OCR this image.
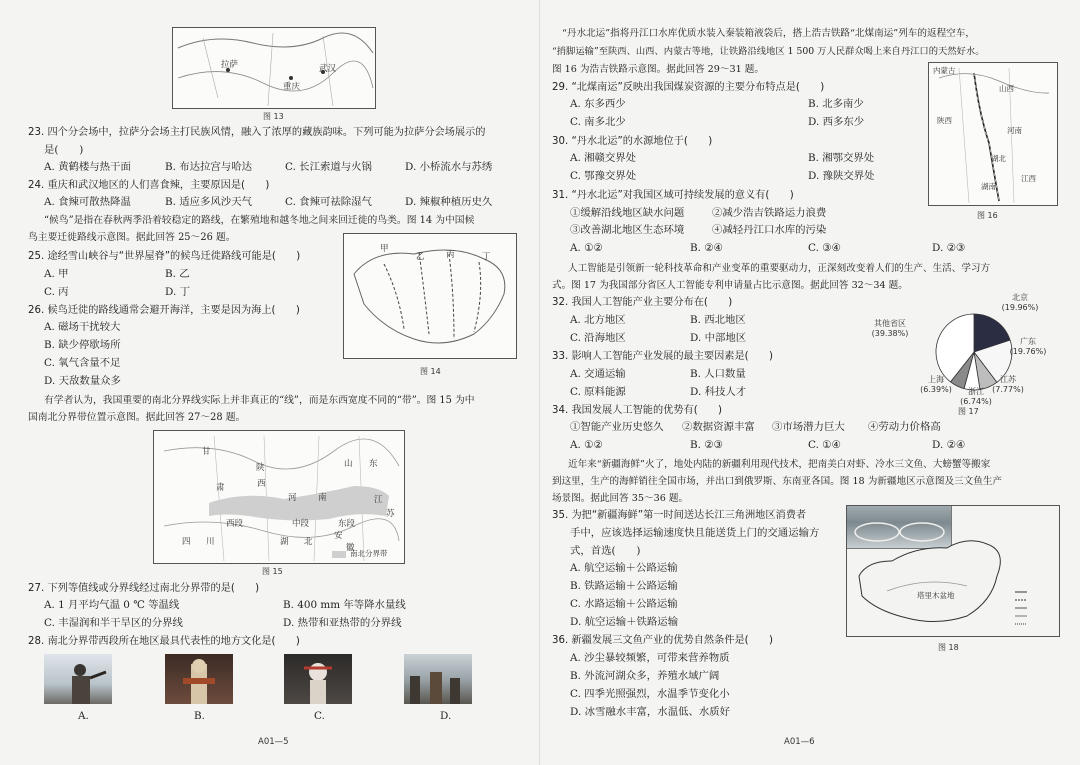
拉萨
重庆
武汉
图 13
23. 四个分会场中，拉萨分会场主打民族风情，融入了浓厚的藏族韵味。下列可能为拉萨分会场展示的
是(　　)
A. 黄鹤楼与热干面	B. 布达拉宫与哈达	C. 长江索道与火锅	D. 小桥流水与苏绣
24. 重庆和武汉地区的人们喜食辣，主要原因是(　　)
A. 食辣可散热降温	B. 适应多风沙天气	C. 食辣可祛除湿气	D. 辣椒种植历史久
“候鸟”是指在春秋两季沿着较稳定的路线，在繁殖地和越冬地之间来回迁徙的鸟类。图 14 为中国候
鸟主要迁徙路线示意图。据此回答 25～26 题。
甲
乙	丙	丁
图 14
25. 途经雪山峡谷与“世界屋脊”的候鸟迁徙路线可能是(　　)
A. 甲	B. 乙
C. 丙	D. 丁
26. 候鸟迁徙的路线通常会避开海洋，主要是因为海上(　　)
A. 磁场干扰较大
B. 缺少停歇场所
C. 氧气含量不足
D. 天敌数量众多
有学者认为，我国重要的南北分界线实际上并非真正的“线”，而是东西宽度不同的“带”。图 15 为中
国南北分界带位置示意图。据此回答 27～28 题。
甘
陕
西
山 东
肃
河	南	江
苏
四 川	湖 北
安
徽
西段	中段	东段
南北分界带
图 15
27. 下列等值线或分界线经过南北分界带的是(　　)
A. 1 月平均气温 0 ℃ 等温线	B. 400 mm 年等降水量线
C. 丰湿润和半干旱区的分界线	D. 热带和亚热带的分界线
28. 南北分界带西段所在地区最具代表性的地方文化是(　　)
A.	B.	C.	D.
A01—5
“丹水北运”指将丹江口水库优质水装入秦装箱液袋后，搭上浩吉铁路“北煤南运”列车的返程空车，
“捎脚运输”至陕西、山西、内蒙古等地，让铁路沿线地区 1 500 万人民群众喝上来自丹江口的天然好水。
图 16 为浩吉铁路示意图。据此回答 29～31 题。	内蒙古
山西
陕西
河南
湖北
湖南
江西
图 16
29. “北煤南运”反映出我国煤炭资源的主要分布特点是(　　)
A. 东多西少	B. 北多南少
C. 南多北少	D. 西多东少
30. “丹水北运”的水源地位于(　　)
A. 湘赣交界处	B. 湘鄂交界处
C. 鄂豫交界处	D. 豫陕交界处
31. “丹水北运”对我国区域可持续发展的意义有(　　)
①缓解沿线地区缺水问题	②减少浩吉铁路运力浪费
③改善湖北地区生态环境	④减轻丹江口水库的污染
A. ①②	B. ②④	C. ③④	D. ②③
人工智能是引领新一轮科技革命和产业变革的重要驱动力，正深刻改变着人们的生产、生活、学习方
式。图 17 为我国部分省区人工智能专利申请量占比示意图。据此回答 32～34 题。
32. 我国人工智能产业主要分布在(　　)
A. 北方地区	B. 西北地区
C. 沿海地区	D. 中部地区
33. 影响人工智能产业发展的最主要因素是(　　)
A. 交通运输	B. 人口数量
C. 原料能源	D. 科技人才
北京
(19.96%)
广东
(19.76%)
江苏
(7.77%)
浙江
(6.74%)
上海
(6.39%)
其他省区
(39.38%)
图 17
34. 我国发展人工智能的优势有(　　)
①智能产业历史悠久 ②数据资源丰富 ③市场潜力巨大 ④劳动力价格高
A. ①②	B. ②③	C. ①④	D. ②④
近年来“新疆海鲜”火了，地处内陆的新疆利用现代技术，把南美白对虾、冷水三文鱼、大螃蟹等搬家
到这里，生产的海鲜销往全国市场，并出口到俄罗斯、东南亚各国。图 18 为新疆地区示意图及三文鱼生产
场景图。据此回答 35～36 题。
塔里木盆地
图 18
35. 为把“新疆海鲜”第一时间送达长江三角洲地区消费者
手中，应该选择运输速度快且能送货上门的交通运输方
式，首选(　　)
A. 航空运输＋公路运输
B. 铁路运输＋公路运输
C. 水路运输＋公路运输
D. 航空运输＋铁路运输
36. 新疆发展三文鱼产业的优势自然条件是(　　)
A. 沙尘暴较频繁，可带来营养物质
B. 外流河湖众多，养殖水域广阔
C. 四季光照强烈，水温季节变化小
D. 冰雪融水丰富，水温低、水质好
A01—6
